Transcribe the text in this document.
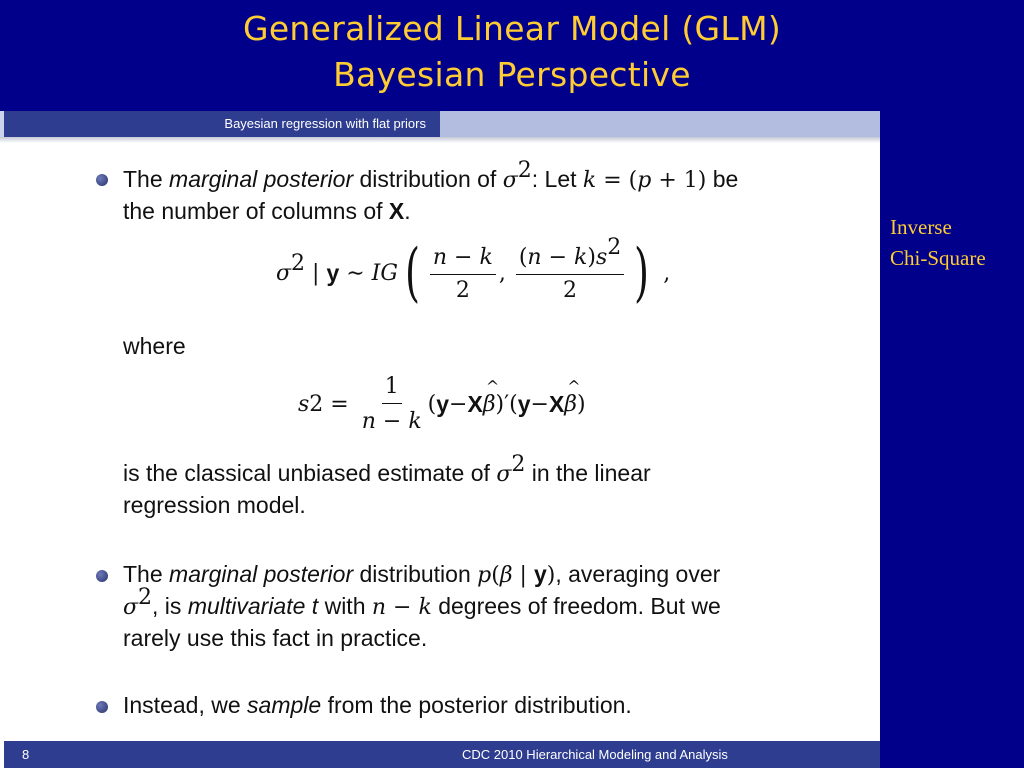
Generalized Linear Model (GLM)
Bayesian Perspective
Inverse
Chi-Square
Bayesian regression with flat priors
The marginal posterior distribution of $\sigma^2$: Let k = (p + 1) be
the number of columns of X.
$\sigma^2$ | y ∼ IG ( $\frac{n - k}{2}$ , $\frac{(n - k)s^2}{2}$ ) ,
where
s $2 = \frac{1}{n - k}$ ( y − X ^ β )′( y − X ^ β )
is the classical unbiased estimate of $\sigma^2$ in the linear
regression model.
The marginal posterior distribution p(β | y), averaging over
$\sigma^2$, is multivariate t with n − k degrees of freedom. But we
rarely use this fact in practice.
Instead, we sample from the posterior distribution.
8	CDC 2010 Hierarchical Modeling and Analysis
